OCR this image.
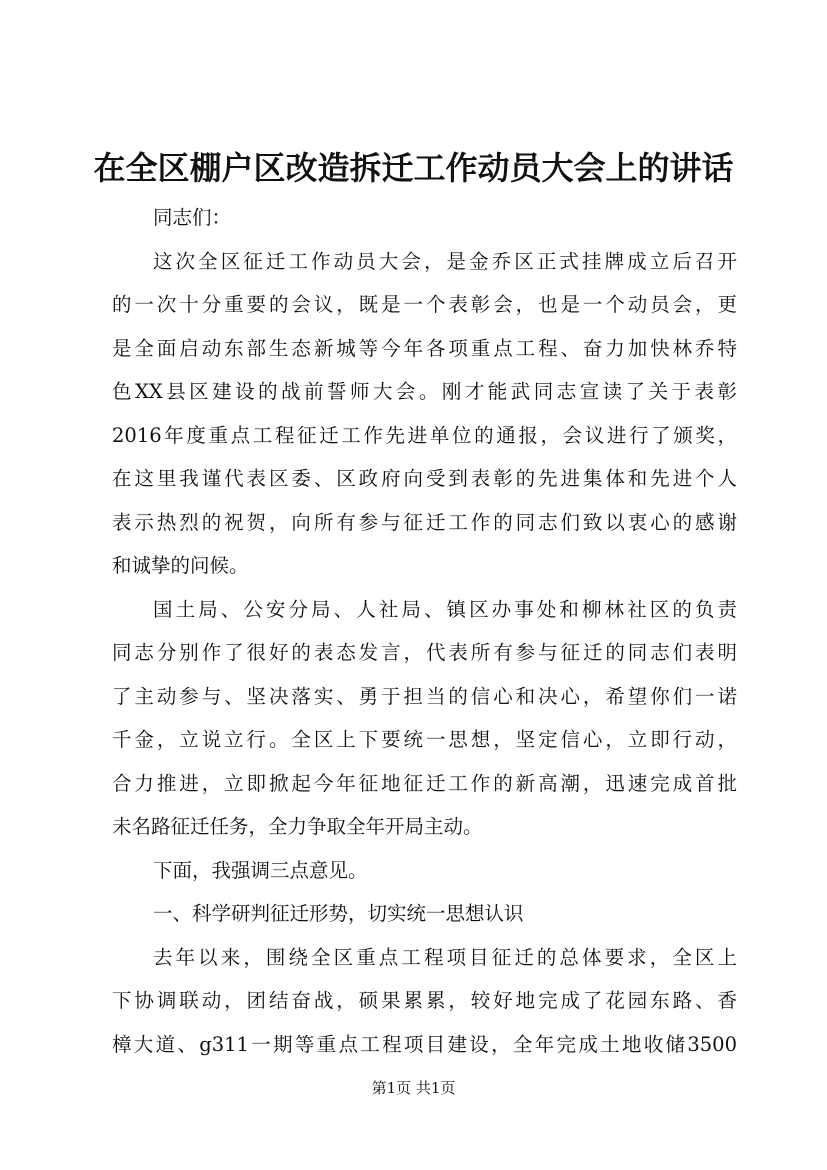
在全区棚户区改造拆迁工作动员大会上的讲话
同志们：
这次全区征迁工作动员大会，是金乔区正式挂牌成立后召开
的一次十分重要的会议，既是一个表彰会，也是一个动员会，更
是全面启动东部生态新城等今年各项重点工程、奋力加快林乔特
色XX县区建设的战前誓师大会。刚才能武同志宣读了关于表彰
2016年度重点工程征迁工作先进单位的通报，会议进行了颁奖，
在这里我谨代表区委、区政府向受到表彰的先进集体和先进个人
表示热烈的祝贺，向所有参与征迁工作的同志们致以衷心的感谢
和诚挚的问候。
国土局、公安分局、人社局、镇区办事处和柳林社区的负责
同志分别作了很好的表态发言，代表所有参与征迁的同志们表明
了主动参与、坚决落实、勇于担当的信心和决心，希望你们一诺
千金，立说立行。全区上下要统一思想，坚定信心，立即行动，
合力推进，立即掀起今年征地征迁工作的新高潮，迅速完成首批
未名路征迁任务，全力争取全年开局主动。
下面，我强调三点意见。
一、科学研判征迁形势，切实统一思想认识
去年以来，围绕全区重点工程项目征迁的总体要求，全区上
下协调联动，团结奋战，硕果累累，较好地完成了花园东路、香
樟大道、g311一期等重点工程项目建设，全年完成土地收储3500
第1页 共1页
